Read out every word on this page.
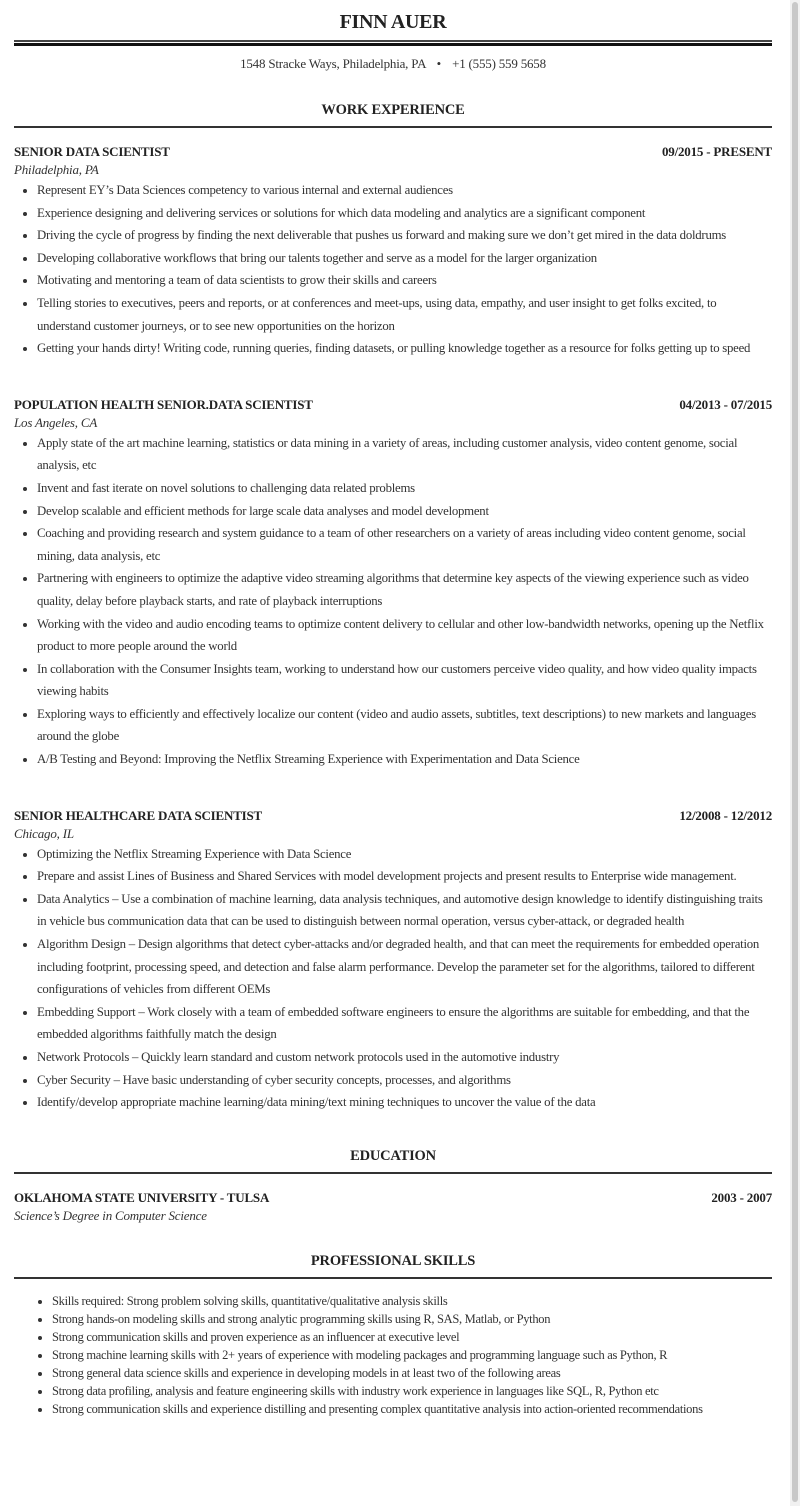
FINN AUER
1548 Stracke Ways, Philadelphia, PA • +1 (555) 559 5658
WORK EXPERIENCE
SENIOR DATA SCIENTIST	09/2015 - PRESENT
Philadelphia, PA
• Represent EY’s Data Sciences competency to various internal and external audiences
• Experience designing and delivering services or solutions for which data modeling and analytics are a significant component
• Driving the cycle of progress by finding the next deliverable that pushes us forward and making sure we don’t get mired in the data doldrums
• Developing collaborative workflows that bring our talents together and serve as a model for the larger organization
• Motivating and mentoring a team of data scientists to grow their skills and careers
• Telling stories to executives, peers and reports, or at conferences and meet-ups, using data, empathy, and user insight to get folks excited, to understand customer journeys, or to see new opportunities on the horizon
• Getting your hands dirty! Writing code, running queries, finding datasets, or pulling knowledge together as a resource for folks getting up to speed
POPULATION HEALTH SENIOR.DATA SCIENTIST	04/2013 - 07/2015
Los Angeles, CA
• Apply state of the art machine learning, statistics or data mining in a variety of areas, including customer analysis, video content genome, social analysis, etc
• Invent and fast iterate on novel solutions to challenging data related problems
• Develop scalable and efficient methods for large scale data analyses and model development
• Coaching and providing research and system guidance to a team of other researchers on a variety of areas including video content genome, social mining, data analysis, etc
• Partnering with engineers to optimize the adaptive video streaming algorithms that determine key aspects of the viewing experience such as video quality, delay before playback starts, and rate of playback interruptions
• Working with the video and audio encoding teams to optimize content delivery to cellular and other low-bandwidth networks, opening up the Netflix product to more people around the world
• In collaboration with the Consumer Insights team, working to understand how our customers perceive video quality, and how video quality impacts viewing habits
• Exploring ways to efficiently and effectively localize our content (video and audio assets, subtitles, text descriptions) to new markets and languages around the globe
• A/B Testing and Beyond: Improving the Netflix Streaming Experience with Experimentation and Data Science
SENIOR HEALTHCARE DATA SCIENTIST	12/2008 - 12/2012
Chicago, IL
• Optimizing the Netflix Streaming Experience with Data Science
• Prepare and assist Lines of Business and Shared Services with model development projects and present results to Enterprise wide management.
• Data Analytics – Use a combination of machine learning, data analysis techniques, and automotive design knowledge to identify distinguishing traits in vehicle bus communication data that can be used to distinguish between normal operation, versus cyber-attack, or degraded health
• Algorithm Design – Design algorithms that detect cyber-attacks and/or degraded health, and that can meet the requirements for embedded operation including footprint, processing speed, and detection and false alarm performance. Develop the parameter set for the algorithms, tailored to different configurations of vehicles from different OEMs
• Embedding Support – Work closely with a team of embedded software engineers to ensure the algorithms are suitable for embedding, and that the embedded algorithms faithfully match the design
• Network Protocols – Quickly learn standard and custom network protocols used in the automotive industry
• Cyber Security – Have basic understanding of cyber security concepts, processes, and algorithms
• Identify/develop appropriate machine learning/data mining/text mining techniques to uncover the value of the data
EDUCATION
OKLAHOMA STATE UNIVERSITY - TULSA	2003 - 2007
Science’s Degree in Computer Science
PROFESSIONAL SKILLS
• Skills required: Strong problem solving skills, quantitative/qualitative analysis skills
• Strong hands-on modeling skills and strong analytic programming skills using R, SAS, Matlab, or Python
• Strong communication skills and proven experience as an influencer at executive level
• Strong machine learning skills with 2+ years of experience with modeling packages and programming language such as Python, R
• Strong general data science skills and experience in developing models in at least two of the following areas
• Strong data profiling, analysis and feature engineering skills with industry work experience in languages like SQL, R, Python etc
• Strong communication skills and experience distilling and presenting complex quantitative analysis into action-oriented recommendations
